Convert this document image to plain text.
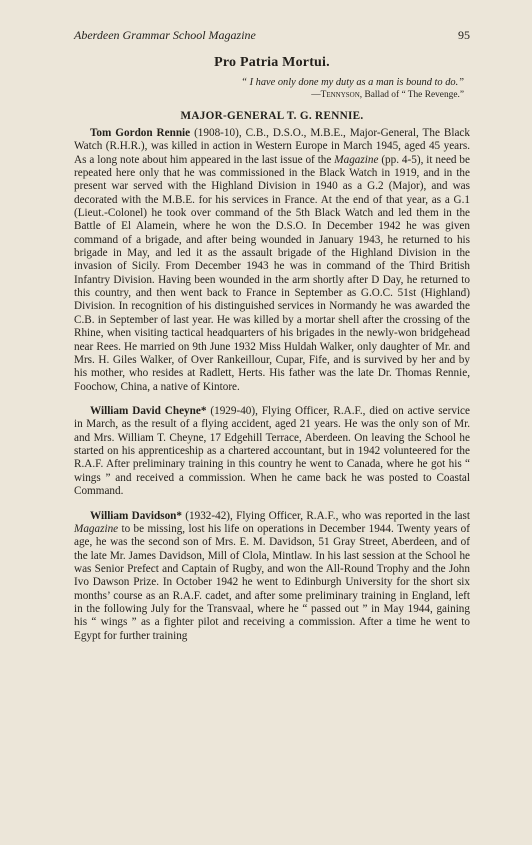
Aberdeen Grammar School Magazine	95
Pro Patria Mortui.
“ I have only done my duty as a man is bound to do.”
—Tennyson, Ballad of “ The Revenge.”
MAJOR-GENERAL T. G. RENNIE.

Tom Gordon Rennie (1908-10), C.B., D.S.O., M.B.E., Major-General, The Black Watch (R.H.R.), was killed in action in Western Europe in March 1945, aged 45 years. As a long note about him appeared in the last issue of the Magazine (pp. 4-5), it need be repeated here only that he was commissioned in the Black Watch in 1919, and in the present war served with the Highland Division in 1940 as a G.2 (Major), and was decorated with the M.B.E. for his services in France. At the end of that year, as a G.1 (Lieut.-Colonel) he took over command of the 5th Black Watch and led them in the Battle of El Alamein, where he won the D.S.O. In December 1942 he was given command of a brigade, and after being wounded in January 1943, he returned to his brigade in May, and led it as the assault brigade of the Highland Division in the invasion of Sicily. From December 1943 he was in command of the Third British Infantry Division. Having been wounded in the arm shortly after D Day, he returned to this country, and then went back to France in September as G.O.C. 51st (Highland) Division. In recognition of his distinguished services in Normandy he was awarded the C.B. in September of last year. He was killed by a mortar shell after the crossing of the Rhine, when visiting tactical headquarters of his brigades in the newly-won bridgehead near Rees. He married on 9th June 1932 Miss Huldah Walker, only daughter of Mr. and Mrs. H. Giles Walker, of Over Rankeillour, Cupar, Fife, and is survived by her and by his mother, who resides at Radlett, Herts. His father was the late Dr. Thomas Rennie, Foochow, China, a native of Kintore.

William David Cheyne* (1929-40), Flying Officer, R.A.F., died on active service in March, as the result of a flying accident, aged 21 years. He was the only son of Mr. and Mrs. William T. Cheyne, 17 Edgehill Terrace, Aberdeen. On leaving the School he started on his apprenticeship as a chartered accountant, but in 1942 volunteered for the R.A.F. After preliminary training in this country he went to Canada, where he got his “ wings ” and received a commission. When he came back he was posted to Coastal Command.

William Davidson* (1932-42), Flying Officer, R.A.F., who was reported in the last Magazine to be missing, lost his life on operations in December 1944. Twenty years of age, he was the second son of Mrs. E. M. Davidson, 51 Gray Street, Aberdeen, and of the late Mr. James Davidson, Mill of Clola, Mintlaw. In his last session at the School he was Senior Prefect and Captain of Rugby, and won the All-Round Trophy and the John Ivo Dawson Prize. In October 1942 he went to Edinburgh University for the short six months’ course as an R.A.F. cadet, and after some preliminary training in England, left in the following July for the Transvaal, where he “ passed out ” in May 1944, gaining his “ wings ” as a fighter pilot and receiving a commission. After a time he went to Egypt for further training
